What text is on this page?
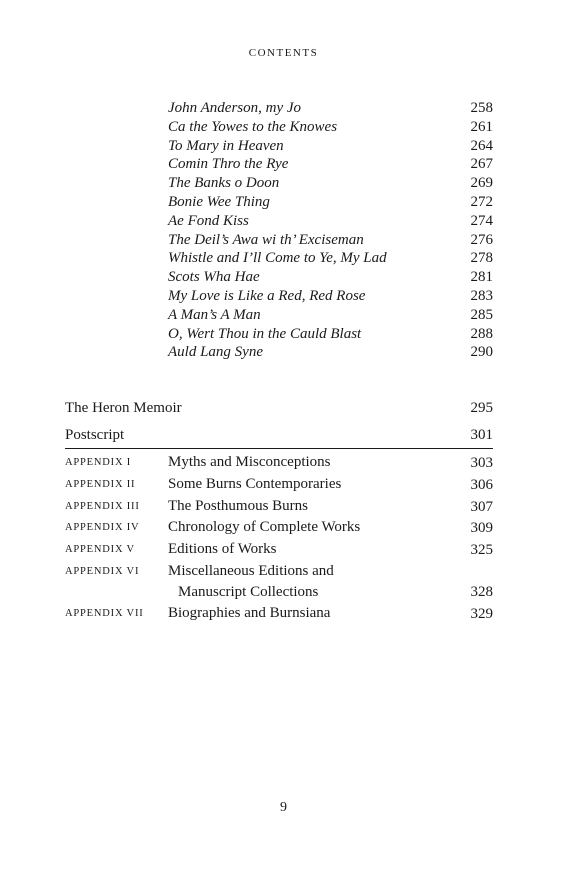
CONTENTS
John Anderson, my Jo	258
Ca the Yowes to the Knowes	261
To Mary in Heaven	264
Comin Thro the Rye	267
The Banks o Doon	269
Bonie Wee Thing	272
Ae Fond Kiss	274
The Deil’s Awa wi th’ Exciseman	276
Whistle and I’ll Come to Ye, My Lad	278
Scots Wha Hae	281
My Love is Like a Red, Red Rose	283
A Man’s A Man	285
O, Wert Thou in the Cauld Blast	288
Auld Lang Syne	290
The Heron Memoir	295
Postscript	301
APPENDIX I	Myths and Misconceptions	303
APPENDIX II	Some Burns Contemporaries	306
APPENDIX III	The Posthumous Burns	307
APPENDIX IV	Chronology of Complete Works	309
APPENDIX V	Editions of Works	325
APPENDIX VI	Miscellaneous Editions and
Manuscript Collections	328
APPENDIX VII	Biographies and Burnsiana	329
9
